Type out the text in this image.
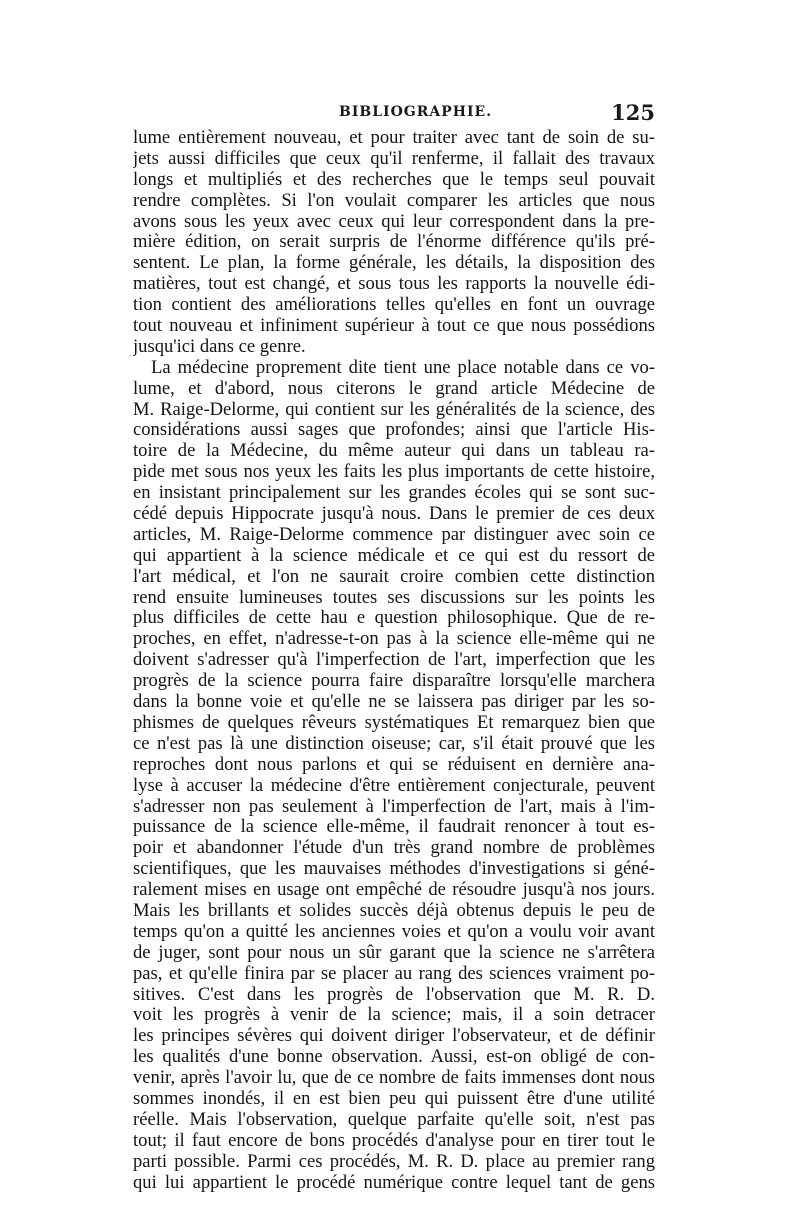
BIBLIOGRAPHIE.	125
lume entièrement nouveau, et pour traiter avec tant de soin de su-
jets aussi difficiles que ceux qu'il renferme, il fallait des travaux
longs et multipliés et des recherches que le temps seul pouvait
rendre complètes. Si l'on voulait comparer les articles que nous
avons sous les yeux avec ceux qui leur correspondent dans la pre-
mière édition, on serait surpris de l'énorme différence qu'ils pré-
sentent. Le plan, la forme générale, les détails, la disposition des
matières, tout est changé, et sous tous les rapports la nouvelle édi-
tion contient des améliorations telles qu'elles en font un ouvrage
tout nouveau et infiniment supérieur à tout ce que nous possédions
jusqu'ici dans ce genre.
La médecine proprement dite tient une place notable dans ce vo-
lume, et d'abord, nous citerons le grand article Médecine de
M. Raige-Delorme, qui contient sur les généralités de la science, des
considérations aussi sages que profondes; ainsi que l'article His-
toire de la Médecine, du même auteur qui dans un tableau ra-
pide met sous nos yeux les faits les plus importants de cette histoire,
en insistant principalement sur les grandes écoles qui se sont suc-
cédé depuis Hippocrate jusqu'à nous. Dans le premier de ces deux
articles, M. Raige-Delorme commence par distinguer avec soin ce
qui appartient à la science médicale et ce qui est du ressort de
l'art médical, et l'on ne saurait croire combien cette distinction
rend ensuite lumineuses toutes ses discussions sur les points les
plus difficiles de cette hau e question philosophique. Que de re-
proches, en effet, n'adresse-t-on pas à la science elle-même qui ne
doivent s'adresser qu'à l'imperfection de l'art, imperfection que les
progrès de la science pourra faire disparaître lorsqu'elle marchera
dans la bonne voie et qu'elle ne se laissera pas diriger par les so-
phismes de quelques rêveurs systématiques Et remarquez bien que
ce n'est pas là une distinction oiseuse; car, s'il était prouvé que les
reproches dont nous parlons et qui se réduisent en dernière ana-
lyse à accuser la médecine d'être entièrement conjecturale, peuvent
s'adresser non pas seulement à l'imperfection de l'art, mais à l'im-
puissance de la science elle-même, il faudrait renoncer à tout es-
poir et abandonner l'étude d'un très grand nombre de problèmes
scientifiques, que les mauvaises méthodes d'investigations si géné-
ralement mises en usage ont empêché de résoudre jusqu'à nos jours.
Mais les brillants et solides succès déjà obtenus depuis le peu de
temps qu'on a quitté les anciennes voies et qu'on a voulu voir avant
de juger, sont pour nous un sûr garant que la science ne s'arrêtera
pas, et qu'elle finira par se placer au rang des sciences vraiment po-
sitives. C'est dans les progrès de l'observation que M. R. D.
voit les progrès à venir de la science; mais, il a soin detracer
les principes sévères qui doivent diriger l'observateur, et de définir
les qualités d'une bonne observation. Aussi, est-on obligé de con-
venir, après l'avoir lu, que de ce nombre de faits immenses dont nous
sommes inondés, il en est bien peu qui puissent être d'une utilité
réelle. Mais l'observation, quelque parfaite qu'elle soit, n'est pas
tout; il faut encore de bons procédés d'analyse pour en tirer tout le
parti possible. Parmi ces procédés, M. R. D. place au premier rang
qui lui appartient le procédé numérique contre lequel tant de gens
